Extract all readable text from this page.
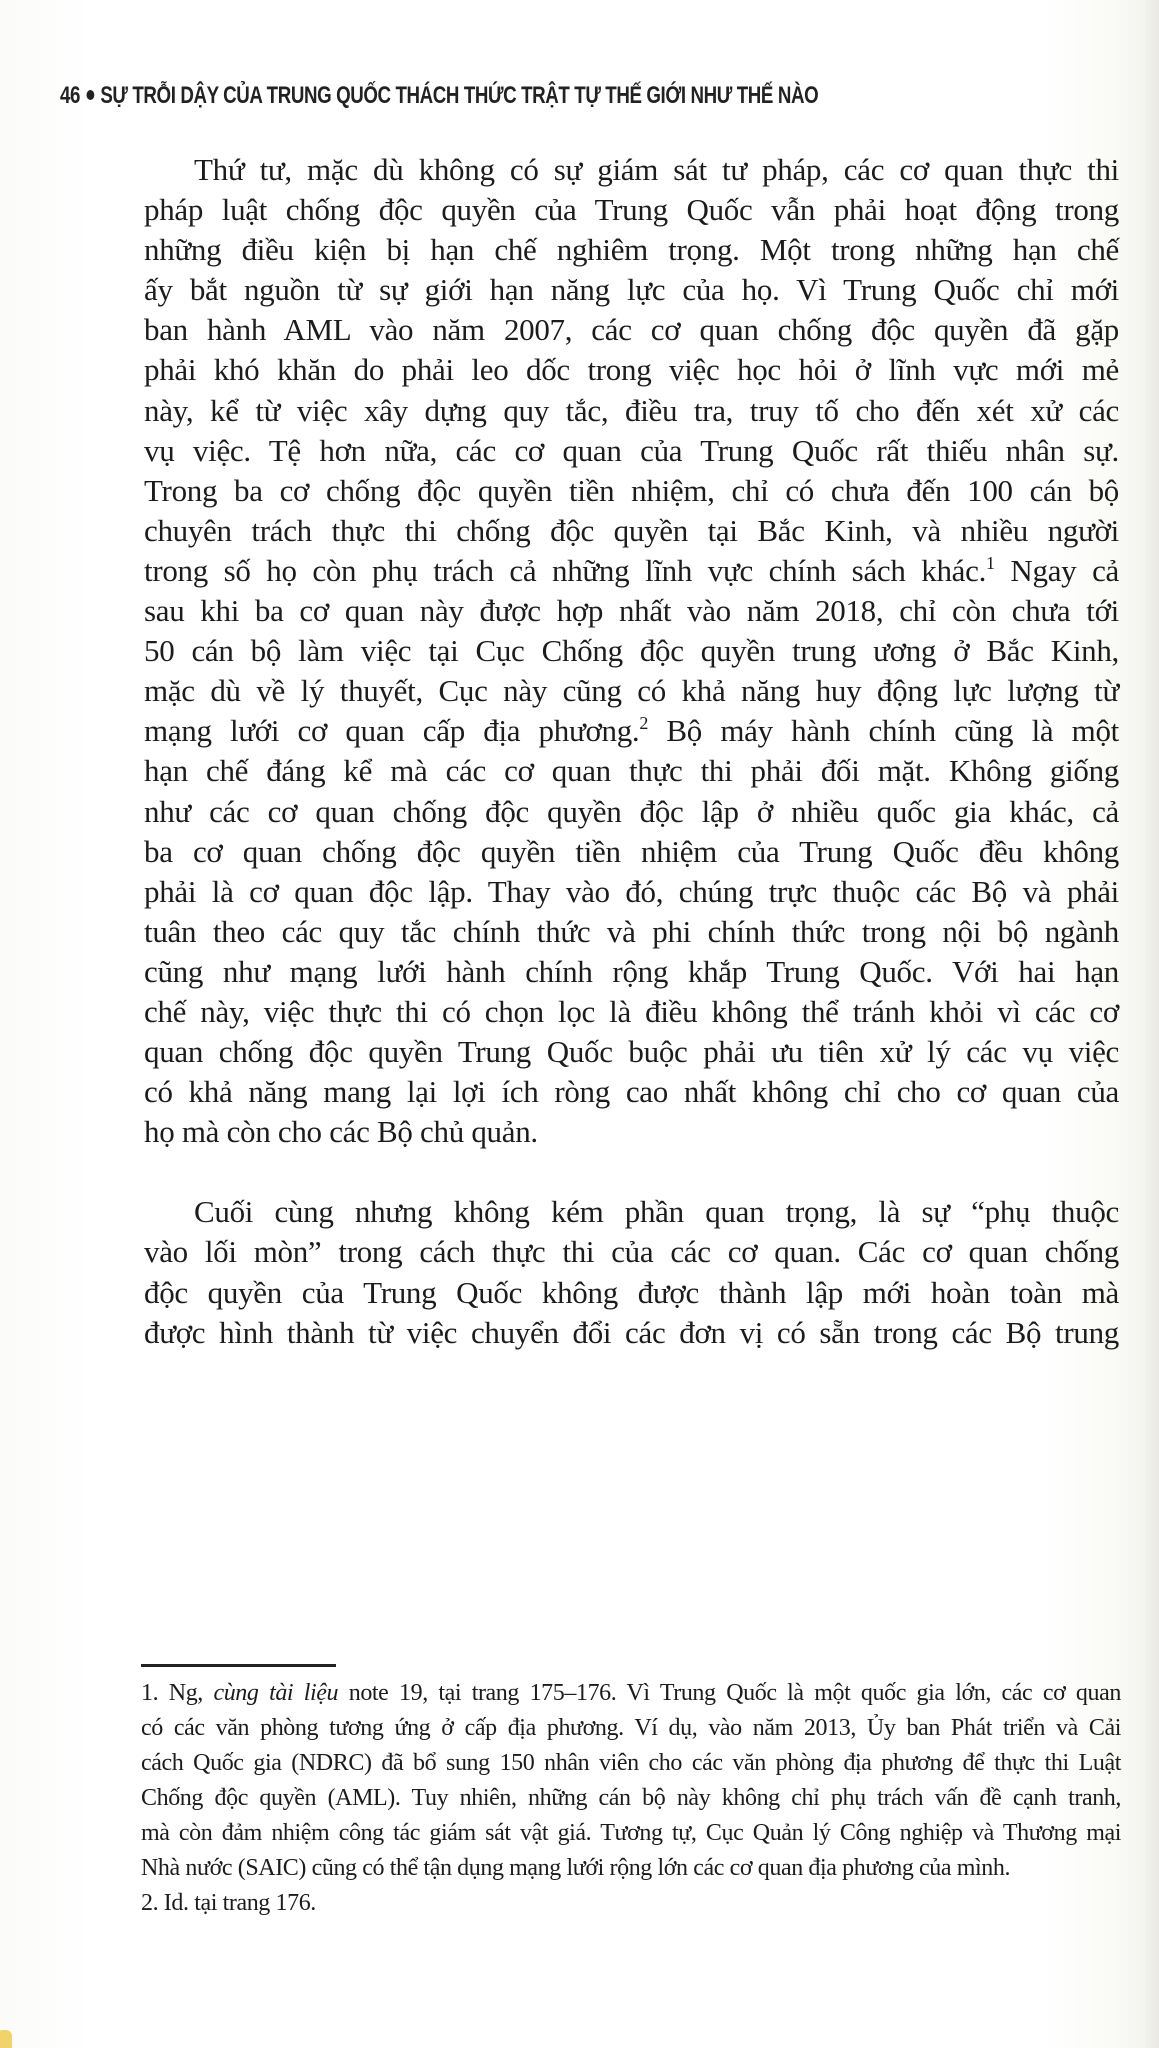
46 SỰ TRỖI DẬY CỦA TRUNG QUỐC THÁCH THỨC TRẬT TỰ THẾ GIỚI NHƯ THẾ NÀO
Thứ tư, mặc dù không có sự giám sát tư pháp, các cơ quan thực thi
pháp luật chống độc quyền của Trung Quốc vẫn phải hoạt động trong
những điều kiện bị hạn chế nghiêm trọng. Một trong những hạn chế
ấy bắt nguồn từ sự giới hạn năng lực của họ. Vì Trung Quốc chỉ mới
ban hành AML vào năm 2007, các cơ quan chống độc quyền đã gặp
phải khó khăn do phải leo dốc trong việc học hỏi ở lĩnh vực mới mẻ
này, kể từ việc xây dựng quy tắc, điều tra, truy tố cho đến xét xử các
vụ việc. Tệ hơn nữa, các cơ quan của Trung Quốc rất thiếu nhân sự.
Trong ba cơ chống độc quyền tiền nhiệm, chỉ có chưa đến 100 cán bộ
chuyên trách thực thi chống độc quyền tại Bắc Kinh, và nhiều người
trong số họ còn phụ trách cả những lĩnh vực chính sách khác.$^1$ Ngay cả
sau khi ba cơ quan này được hợp nhất vào năm 2018, chỉ còn chưa tới
50 cán bộ làm việc tại Cục Chống độc quyền trung ương ở Bắc Kinh,
mặc dù về lý thuyết, Cục này cũng có khả năng huy động lực lượng từ
mạng lưới cơ quan cấp địa phương.$^2$ Bộ máy hành chính cũng là một
hạn chế đáng kể mà các cơ quan thực thi phải đối mặt. Không giống
như các cơ quan chống độc quyền độc lập ở nhiều quốc gia khác, cả
ba cơ quan chống độc quyền tiền nhiệm của Trung Quốc đều không
phải là cơ quan độc lập. Thay vào đó, chúng trực thuộc các Bộ và phải
tuân theo các quy tắc chính thức và phi chính thức trong nội bộ ngành
cũng như mạng lưới hành chính rộng khắp Trung Quốc. Với hai hạn
chế này, việc thực thi có chọn lọc là điều không thể tránh khỏi vì các cơ
quan chống độc quyền Trung Quốc buộc phải ưu tiên xử lý các vụ việc
có khả năng mang lại lợi ích ròng cao nhất không chỉ cho cơ quan của
họ mà còn cho các Bộ chủ quản.
Cuối cùng nhưng không kém phần quan trọng, là sự “phụ thuộc
vào lối mòn” trong cách thực thi của các cơ quan. Các cơ quan chống
độc quyền của Trung Quốc không được thành lập mới hoàn toàn mà
được hình thành từ việc chuyển đổi các đơn vị có sẵn trong các Bộ trung
1. Ng, cùng tài liệu note 19, tại trang 175–176. Vì Trung Quốc là một quốc gia lớn, các cơ quan
có các văn phòng tương ứng ở cấp địa phương. Ví dụ, vào năm 2013, Ủy ban Phát triển và Cải
cách Quốc gia (NDRC) đã bổ sung 150 nhân viên cho các văn phòng địa phương để thực thi Luật
Chống độc quyền (AML). Tuy nhiên, những cán bộ này không chỉ phụ trách vấn đề cạnh tranh,
mà còn đảm nhiệm công tác giám sát vật giá. Tương tự, Cục Quản lý Công nghiệp và Thương mại
Nhà nước (SAIC) cũng có thể tận dụng mạng lưới rộng lớn các cơ quan địa phương của mình.
2. Id. tại trang 176.
